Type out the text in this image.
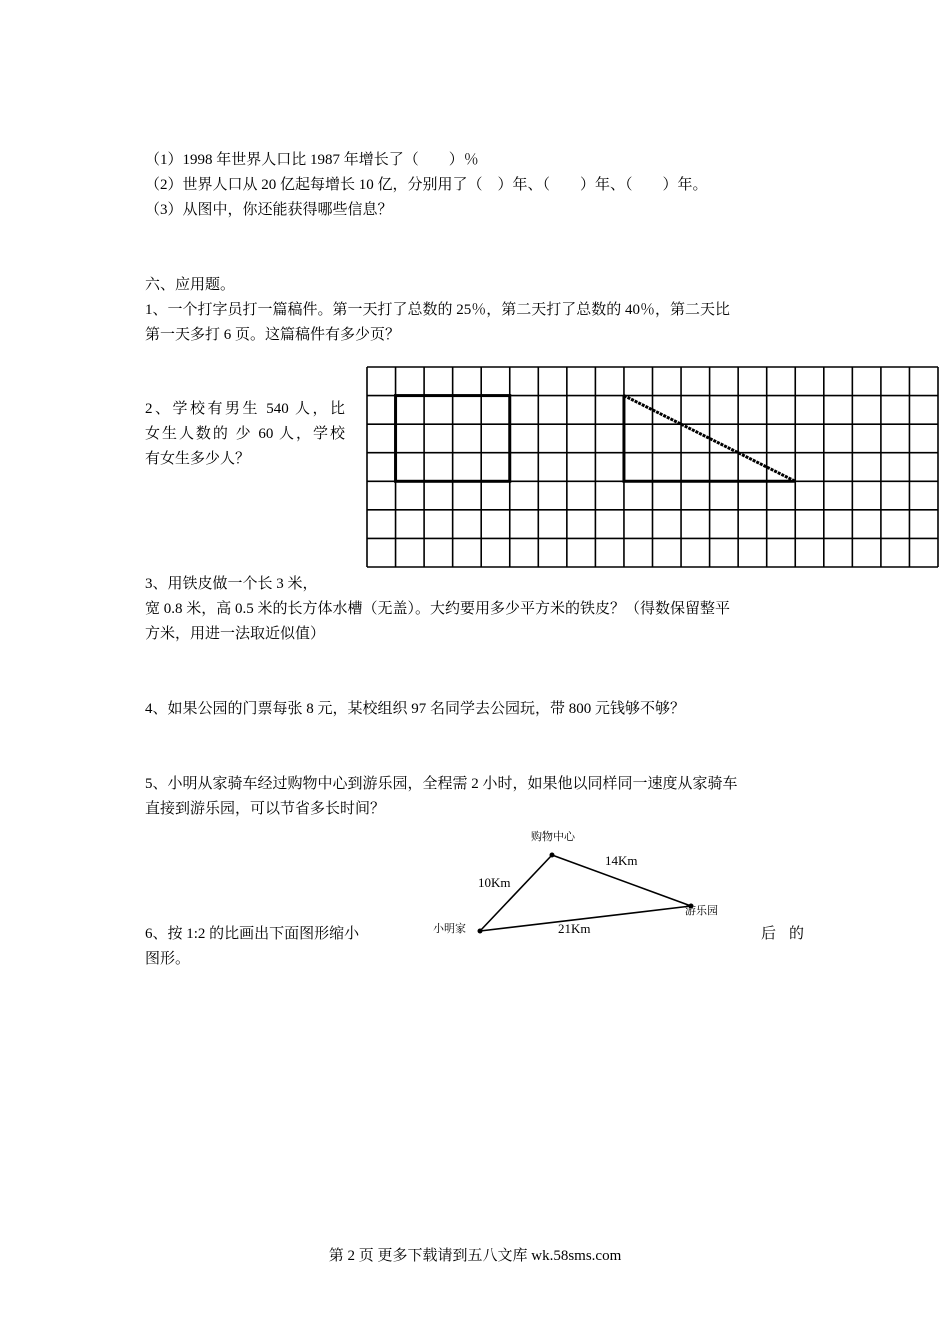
（1）1998 年世界人口比 1987 年增长了（　　）％

（2）世界人口从 20 亿起每增长 10 亿，分别用了（　）年、（　　）年、（　　）年。

（3）从图中，你还能获得哪些信息？

六、应用题。

1、一个打字员打一篇稿件。第一天打了总数的 25％，第二天打了总数的 40％，第二天比

第一天多打 6 页。这篇稿件有多少页？

2、学校有男生 540 人，比

女生人数的 少 60 人，学校

有女生多少人？

3、用铁皮做一个长 3 米，

宽 0.8 米，高 0.5 米的长方体水槽（无盖）。大约要用多少平方米的铁皮？（得数保留整平

方米，用进一法取近似值）

4、如果公园的门票每张 8 元，某校组织 97 名同学去公园玩，带 800 元钱够不够？

5、小明从家骑车经过购物中心到游乐园，全程需 2 小时，如果他以同样同一速度从家骑车

直接到游乐园，可以节省多长时间？

购物中心
小明家
游乐园
10Km
14Km
21Km

6、按 1:2 的比画出下面图形缩小	后 的

图形。

第 2 页 更多下载请到五八文库 wk.58sms.com
